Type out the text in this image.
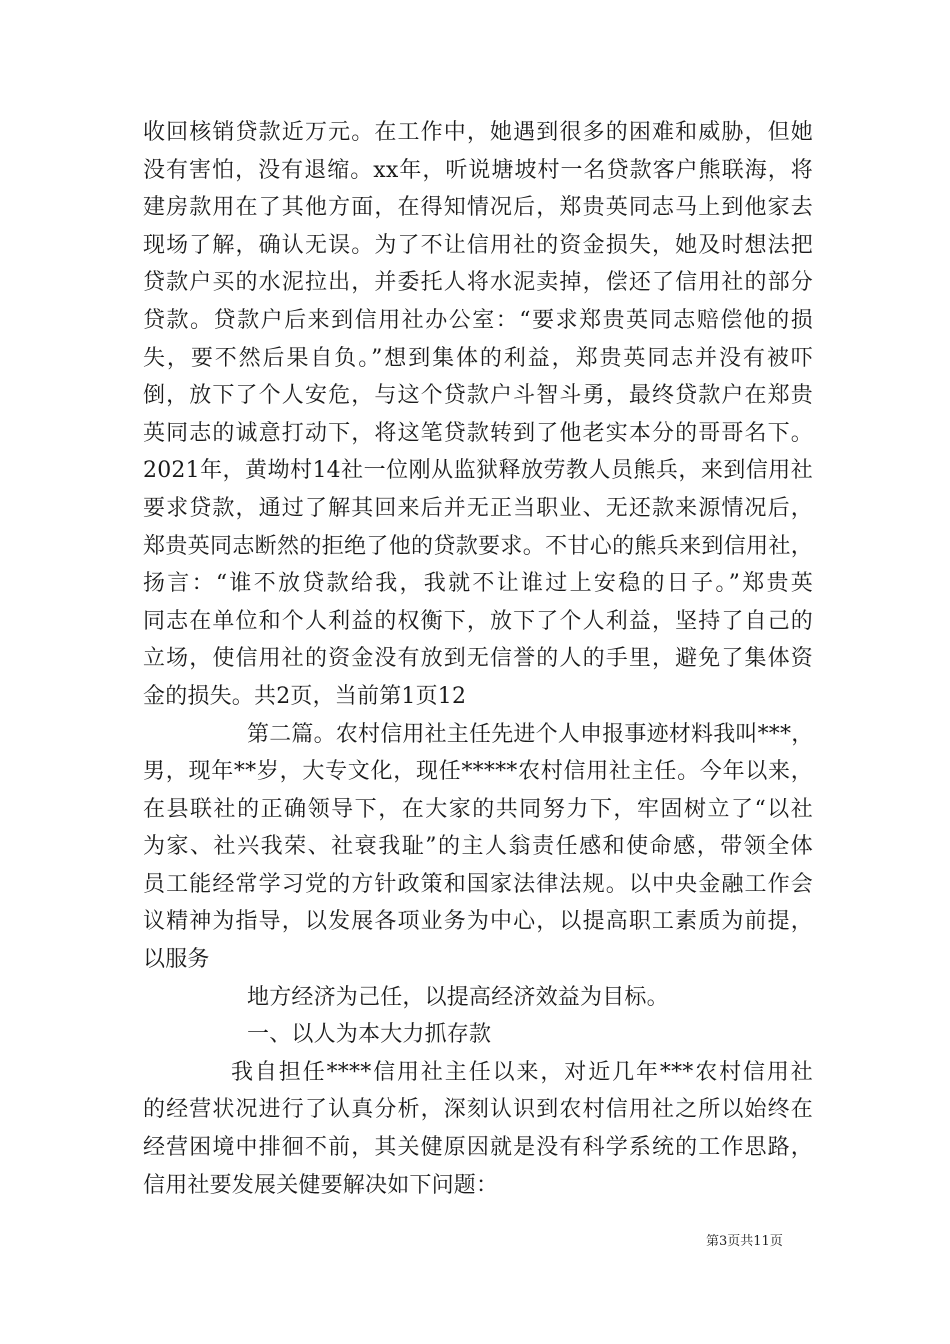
收回核销贷款近万元。在工作中，她遇到很多的困难和威胁，但她
没有害怕，没有退缩。xx年，听说塘坡村一名贷款客户熊联海，将
建房款用在了其他方面，在得知情况后，郑贵英同志马上到他家去
现场了解，确认无误。为了不让信用社的资金损失，她及时想法把
贷款户买的水泥拉出，并委托人将水泥卖掉，偿还了信用社的部分
贷款。贷款户后来到信用社办公室：“要求郑贵英同志赔偿他的损
失，要不然后果自负。”想到集体的利益，郑贵英同志并没有被吓
倒，放下了个人安危，与这个贷款户斗智斗勇，最终贷款户在郑贵
英同志的诚意打动下，将这笔贷款转到了他老实本分的哥哥名下。
2021年，黄坳村14社一位刚从监狱释放劳教人员熊兵，来到信用社
要求贷款，通过了解其回来后并无正当职业、无还款来源情况后，
郑贵英同志断然的拒绝了他的贷款要求。不甘心的熊兵来到信用社，
扬言：“谁不放贷款给我，我就不让谁过上安稳的日子。”郑贵英
同志在单位和个人利益的权衡下，放下了个人利益，坚持了自己的
立场，使信用社的资金没有放到无信誉的人的手里，避免了集体资
金的损失。共2页，当前第1页12
第二篇。农村信用社主任先进个人申报事迹材料我叫***，
男，现年**岁，大专文化，现任*****农村信用社主任。今年以来，
在县联社的正确领导下，在大家的共同努力下，牢固树立了“以社
为家、社兴我荣、社衰我耻”的主人翁责任感和使命感，带领全体
员工能经常学习党的方针政策和国家法律法规。以中央金融工作会
议精神为指导，以发展各项业务为中心，以提高职工素质为前提，
以服务
地方经济为己任，以提高经济效益为目标。
一、以人为本大力抓存款
我自担任****信用社主任以来，对近几年***农村信用社
的经营状况进行了认真分析，深刻认识到农村信用社之所以始终在
经营困境中排徊不前，其关健原因就是没有科学系统的工作思路，
信用社要发展关健要解决如下问题：
第3页共11页
